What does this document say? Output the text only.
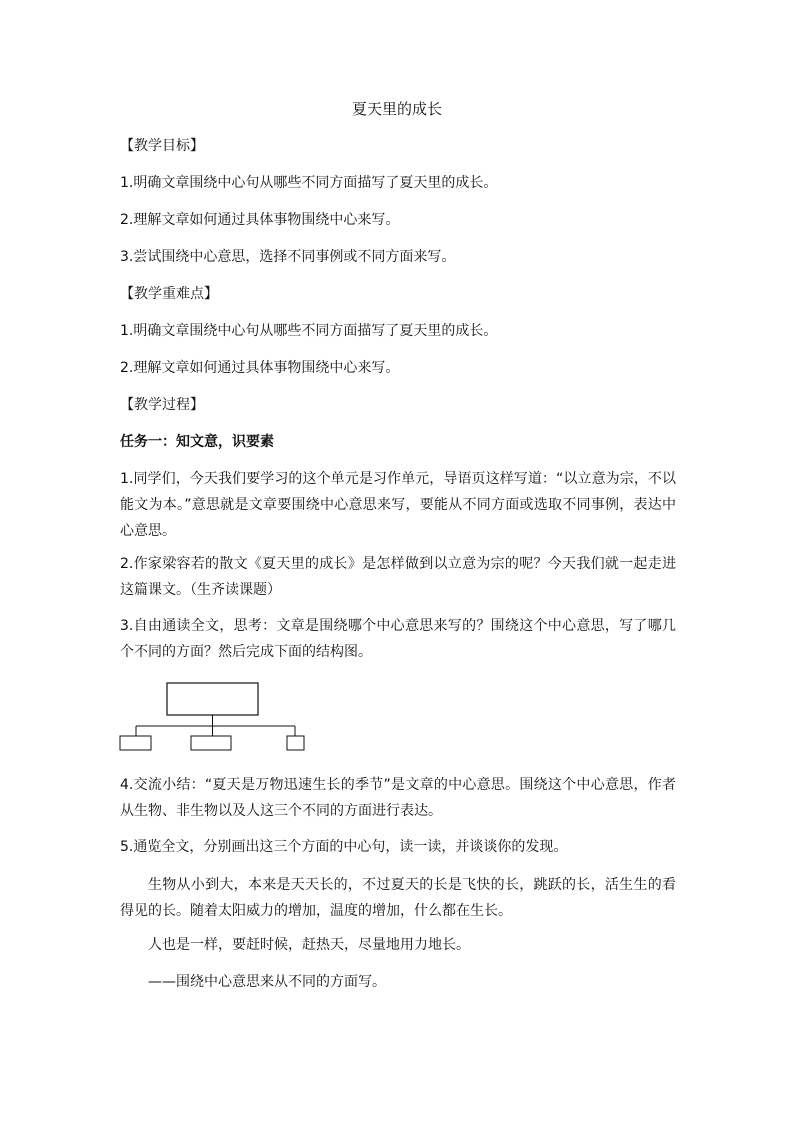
夏天里的成长
【教学目标】
1.明确文章围绕中心句从哪些不同方面描写了夏天里的成长。
2.理解文章如何通过具体事物围绕中心来写。
3.尝试围绕中心意思，选择不同事例或不同方面来写。
【教学重难点】
1.明确文章围绕中心句从哪些不同方面描写了夏天里的成长。
2.理解文章如何通过具体事物围绕中心来写。
【教学过程】
任务一：知文意，识要素
1.同学们，今天我们要学习的这个单元是习作单元，导语页这样写道：“以立意为宗，不以能文为本。”意思就是文章要围绕中心意思来写，要能从不同方面或选取不同事例，表达中心意思。
2.作家梁容若的散文《夏天里的成长》是怎样做到以立意为宗的呢？今天我们就一起走进这篇课文。（生齐读课题）
3.自由通读全文，思考：文章是围绕哪个中心意思来写的？围绕这个中心意思，写了哪几个不同的方面？然后完成下面的结构图。
4.交流小结：“夏天是万物迅速生长的季节”是文章的中心意思。围绕这个中心意思，作者从生物、非生物以及人这三个不同的方面进行表达。
5.通览全文，分别画出这三个方面的中心句，读一读，并谈谈你的发现。
生物从小到大，本来是天天长的，不过夏天的长是飞快的长，跳跃的长，活生生的看得见的长。随着太阳威力的增加，温度的增加，什么都在生长。
人也是一样，要赶时候，赶热天，尽量地用力地长。
——围绕中心意思来从不同的方面写。
